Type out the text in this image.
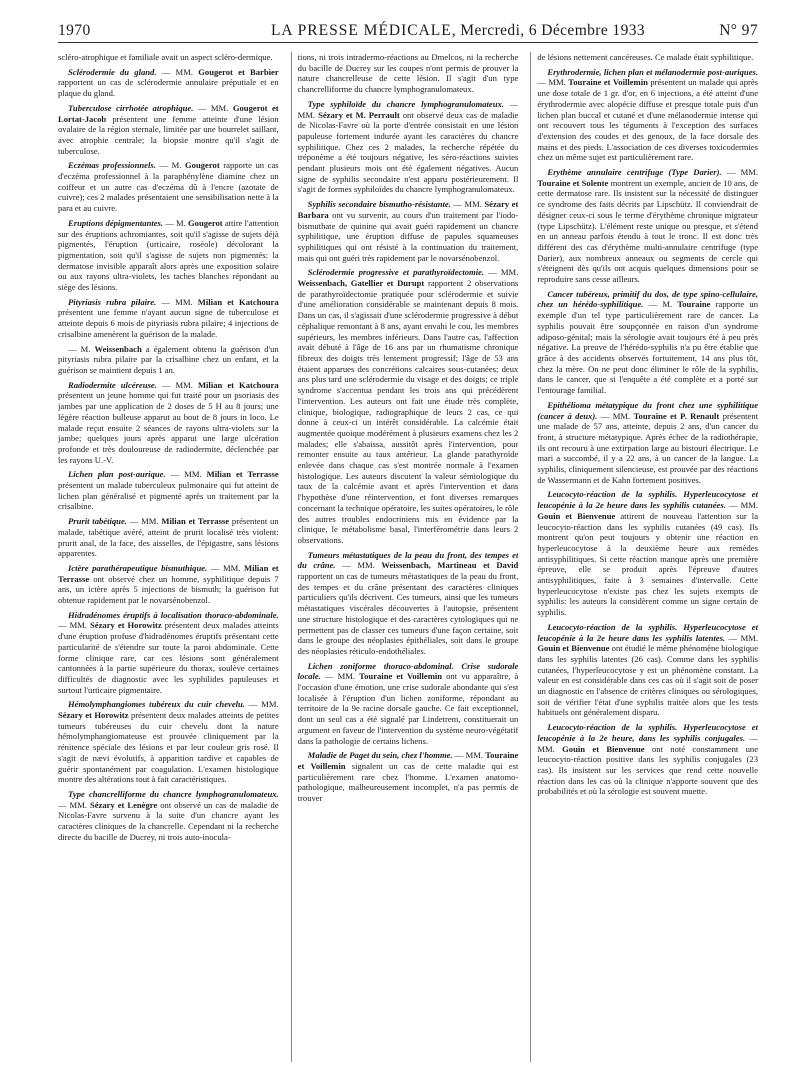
1970	LA PRESSE MÉDICALE, Mercredi, 6 Décembre 1933	N° 97

sclérо-atrophique et familiale avait un aspect scléro-dermique.

Sclérodermie du gland. — MM. Gougerot et Barbier rapportent un cas de sclérodermie annulaire préputiale et en plaque du gland.

Tuberculose cirrhotée atrophique. — MM. Gougerot et Lortat-Jacob présentent une femme atteinte d'une lésion ovalaire de la région sternale, limitée par une bourrelet saillant, avec atrophie centrale; la biopsie montre qu'il s'agit de tuberculose.

Eczémas professionnels. — M. Gougerot rapporte un cas d'eczéma professionnel à la paraphénylène diamine chez un coiffeur et un autre cas d'eczéma dû à l'encre (azotate de cuivre); ces 2 malades présentaient une sensibilisation nette à la para et au cuivre.

Eruptions dépigmentantes. — M. Gougerot attire l'attention sur des éruptions achromiantes, soit qu'il s'agisse de sujets déjà pigmentés, l'éruption (urticaire, roséole) décolorant la pigmentation, soit qu'il s'agisse de sujets non pigmentés: la dermatose invisible apparaît alors après une exposition solaire ou aux rayons ultra-violets, les taches blanches répondant au siège des lésions.

Pityriasis rubra pilaire. — MM. Milian et Katchoura présentent une femme n'ayant aucun signe de tuberculose et atteinte depuis 6 mois de pityriasis rubra pilaire; 4 injections de crisalbine amenèrent la guérison de la malade.

— M. Weissenbach a également obtenu la guérison d'un pityriasis rubra pilaire par la crisalbine chez un enfant, et la guérison se maintient depuis 1 an.

Radiodermite ulcéreuse. — MM. Milian et Katchoura présentent un jeune homme qui fut traité pour un psoriasis des jambes par une application de 2 doses de 5 H au 8 jours; une légère réaction bulleuse apparut au bout de 8 jours in loco. Le malade reçut ensuite 2 séances de rayons ultra-violets sur la jambe; quelques jours après apparut une large ulcération profonde et très douloureuse de radiodermite, déclenchée par les rayons U.-V.

Lichen plan post-aurique. — MM. Milian et Terrasse présentent un malade tuberculeux pulmonaire qui fut atteint de lichen plan généralisé et pigmenté après un traitement par la crisalbine.

Prurit tabétique. — MM. Milian et Terrasse présentent un malade, tabétique avéré, atteint de prurit localisé très violent: prurit anal, de la face, des aisselles, de l'épigastre, sans lésions apparentes.

Ictère parathérapeutique bismuthique. — MM. Milian et Terrasse ont observé chez un homme, syphilitique depuis 7 ans, un ictère après 5 injections de bismuth; la guérison fut obtenue rapidement par le novarsénobenzol.

Hidradénomes éruptifs à localisation thoraco-abdominale. — MM. Sézary et Horowitz présentent deux malades atteints d'une éruption profuse d'hidradénomes éruptifs présentant cette particularité de s'étendre sur toute la paroi abdominale. Cette forme clinique rare, car ces lésions sont généralement cantonnées à la partie supérieure du thorax, soulève certaines difficultés de diagnostic avec les syphilides papuleuses et surtout l'urticaire pigmentaire.

Hémolymphangiomes tubéreux du cuir chevelu. — MM. Sézary et Horowitz présentent deux malades atteints de petites tumeurs tubéreuses du cuir chevelu dont la nature hémolymphangiomateuse est prouvée cliniquement par la rénitence spéciale des lésions et par leur couleur gris rosé. Il s'agit de nævi évolutifs, à apparition tardive et capables de guérir spontanément par coagulation. L'examen histologique montre des altérations tout à fait caractéristiques.

Type chancrelliforme du chancre lymphogranulomateux. — MM. Sézary et Lenègre ont observé un cas de maladie de Nicolas-Favre survenu à la suite d'un chancre ayant les caractères cliniques de la chancrelle. Cependant ni la recherche directe du bacille de Ducrey, ni trois auto-inocula-

tions, ni trois intradermo-réactions au Dmelcos, ni la recherche du bacille de Ducrey sur les coupes n'ont permis de prouver la nature chancrelleuse de cette lésion. Il s'agit d'un type chancrelliforme du chancre lymphogranulomateux.

Type syphiloïde du chancre lymphogranulomateux. — MM. Sézary et M. Perrault ont observé deux cas de maladie de Nicolas-Favre où la porte d'entrée consistait en une lésion papuleuse fortement indurée ayant les caractères du chancre syphilitique. Chez ces 2 malades, la recherche répétée du tréponème a été toujours négative, les séro-réactions suivies pendant plusieurs mois ont été également négatives. Aucun signe de syphilis secondaire n'est apparu postérieurement. Il s'agit de formes syphiloïdes du chancre lymphogranulomateux.

Syphilis secondaire bismutho-résistante. — MM. Sézary et Barbara ont vu survenir, au cours d'un traitement par l'iodo-bismuthate de quinine qui avait guéri rapidement un chancre syphilitique, une éruption diffuse de papules squameuses syphilitiques qui ont résisté à la continuation du traitement, mais qui ont guéri très rapidement par le novarsénobenzol.

Sclérodermie progressive et parathyroïdectomie. — MM. Weissenbach, Gatellier et Durupt rapportent 2 observations de parathyroïdectomie pratiquée pour sclérodermie et suivie d'une amélioration considérable se maintenant depuis 8 mois. Dans un cas, il s'agissait d'une sclérodermie progressive à début céphalique remontant à 8 ans, ayant envahi le cou, les membres supérieurs, les membres inférieurs. Dans l'autre cas, l'affection avait débuté à l'âge de 16 ans par un rhumatisme chronique fibreux des doigts très lentement progressif; l'âge de 53 ans étaient apparues des concrétions calcaires sous-cutanées; deux ans plus tard une sclérodermie du visage et des doigts; ce triple syndrome s'accentua pendant les trois ans qui précédèrent l'intervention. Les auteurs ont fait une étude très complète, clinique, biologique, radiographique de leurs 2 cas, ce qui donne à ceux-ci un intérêt considérable. La calcémie était augmentée quoique modérément à plusieurs examens chez les 2 malades; elle s'abaissa, aussitôt après l'intervention, pour remonter ensuite au taux antérieur. La glande parathyroïde enlevée dans chaque cas s'est montrée normale à l'examen histologique. Les auteurs discutent la valeur sémiologique du taux de la calcémie avant et après l'intervention et dans l'hypothèse d'une réintervention, et font diverses remarques concernant la technique opératoire, les suites opératoires, le rôle des autres troubles endocriniens mis en évidence par la clinique, le métabolisme basal, l'interférométrie dans leurs 2 observations.

Tumeurs métastatiques de la peau du front, des tempes et du crâne. — MM. Weissenbach, Martineau et David rapportent un cas de tumeurs métastatiques de la peau du front, des tempes et du crâne présentant des caractères cliniques particuliers qu'ils décrivent. Ces tumeurs, ainsi que les tumeurs métastatiques viscérales découvertes à l'autopsie, présentent une structure histologique et des caractères cytologiques qui ne permettent pas de classer ces tumeurs d'une façon certaine, soit dans le groupe des néoplasies épithéliales, soit dans le groupe des néoplasies réticulo-endothéliales.

Lichen zoniforme thoraco-abdominal. Crise sudorale locale. — MM. Touraine et Voillemin ont vu apparaître, à l'occasion d'une émotion, une crise sudorale abondante qui s'est localisée à l'éruption d'un lichen zoniforme, répondant au territoire de la 9e racine dorsale gauche. Ce fait exceptionnel, dont un seul cas a été signalé par Lindetrem, constituerait un argument en faveur de l'intervention du système neuro-végétatif dans la pathologie de certains lichens.

Maladie de Paget du sein, chez l'homme. — MM. Touraine et Voillemin signalent un cas de cette maladie qui est particulièrement rare chez l'homme. L'examen anatomo-pathologique, malheureusement incomplet, n'a pas permis de trouver

de lésions nettement cancéreuses. Ce malade était syphilitique.

Erythrodermie, lichen plan et mélanodermie post-auriques. — MM. Touraine et Voillemin présentent un malade qui après une dose totale de 1 gr. d'or, en 6 injections, a été atteint d'une érythrodermie avec alopécie diffuse et presque totale puis d'un lichen plan buccal et cutané et d'une mélanodermie intense qui ont recouvert tous les téguments à l'exception des surfaces d'extension des coudes et des genoux, de la face dorsale des mains et des pieds. L'association de ces diverses toxicodermies chez un même sujet est particulièrement rare.

Erythème annulaire centrifuge (Type Darier). — MM. Touraine et Solente montrent un exemple, ancien de 10 ans, de cette dermatose rare. Ils insistent sur la nécessité de distinguer ce syndrome des faits décrits par Lipschütz. Il conviendrait de désigner ceux-ci sous le terme d'érythème chronique migrateur (type Lipschütz). L'élément reste unique ou presque, et s'étend en un anneau parfois étendu à tout le tronc. Il est donc très différent des cas d'érythème multi-annulaire centrifuge (type Darier), aux nombreux anneaux ou segments de cercle qui s'éteignent dès qu'ils ont acquis quelques dimensions pour se reproduire sans cesse ailleurs.

Cancer tubéreux, primitif du dos, de type spino-cellulaire, chez un hérédo-syphilitique. — M. Touraine rapporte un exemple d'un tel type particulièrement rare de cancer. La syphilis pouvait être soupçonnée en raison d'un syndrome adiposo-génital; mais la sérologie avait toujours été à peu près négative. La preuve de l'hérédo-syphilis n'a pu être établie que grâce à des accidents observés fortuitement, 14 ans plus tôt, chez la mère. On ne peut donc éliminer le rôle de la syphilis, dans le cancer, que si l'enquête a été complète et a porté sur l'entourage familial.

Epithélioma métatypique du front chez une syphilitique (cancer à deux). — MM. Touraine et P. Renault présentent une malade de 57 ans, atteinte, depuis 2 ans, d'un cancer du front, à structure métatypique. Après échec de la radiothérapie, ils ont recouru à une extirpation large au bistouri électrique. Le mari a succombé, il y a 22 ans, à un cancer de la langue. La syphilis, cliniquement silencieuse, est prouvée par des réactions de Wassermann et de Kahn fortement positives.

Leucocyto-réaction de la syphilis. Hyperleucocytose et leucopénie à la 2e heure dans les syphilis cutanées. — MM. Gouin et Bienvenue attirent de nouveau l'attention sur la leucocyto-réaction dans les syphilis cutanées (49 cas). Ils montrent qu'on peut toujours y obtenir une réaction en hyperleucocytose à la deuxième heure aux remèdes antisyphilitiques. Si cette réaction manque après une première épreuve, elle se produit après l'épreuve d'autres antisyphilitiques, faite à 3 semaines d'intervalle. Cette hyperleucocytose n'existe pas chez les sujets exempts de syphilis: les auteurs la considèrent comme un signe certain de syphilis.

Leucocyto-réaction de la syphilis. Hyperleucocytose et leucopénie à la 2e heure dans les syphilis latentes. — MM. Gouin et Bienvenue ont étudié le même phénomène biologique dans les syphilis latentes (26 cas). Comme dans les syphilis cutanées, l'hyperleucocytose y est un phénomène constant. La valeur en est considérable dans ces cas où il s'agit soit de poser un diagnostic en l'absence de critères cliniques ou sérologiques, soit de vérifier l'état d'une syphilis traitée alors que les tests habituels ont généralement disparu.

Leucocyto-réaction de la syphilis. Hyperleucocytose et leucopénie à la 2e heure, dans les syphilis conjugales. — MM. Gouin et Bienvenue ont noté constamment une leucocyto-réaction positive dans les syphilis conjugales (23 cas). Ils insistent sur les services que rend cette nouvelle réaction dans les cas où la clinique n'apporte souvent que des probabilités et où la sérologie est souvent muette.
